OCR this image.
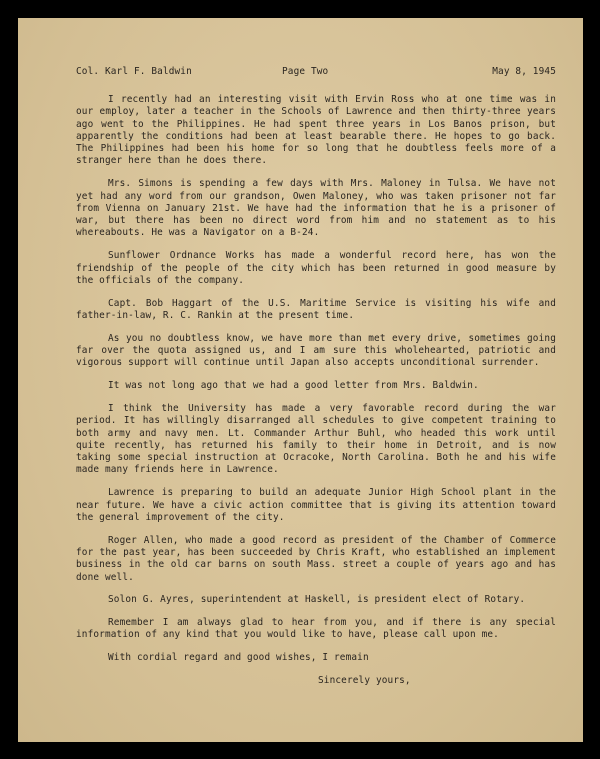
Col. Karl F. Baldwin	Page Two	May 8, 1945

I recently had an interesting visit with Ervin Ross who at one time was in our employ, later a teacher in the Schools of Lawrence and then thirty-three years ago went to the Philippines. He had spent three years in Los Banos prison, but apparently the conditions had been at least bearable there. He hopes to go back. The Philippines had been his home for so long that he doubtless feels more of a stranger here than he does there.

Mrs. Simons is spending a few days with Mrs. Maloney in Tulsa. We have not yet had any word from our grandson, Owen Maloney, who was taken prisoner not far from Vienna on January 21st. We have had the information that he is a prisoner of war, but there has been no direct word from him and no statement as to his whereabouts. He was a Navigator on a B-24.

Sunflower Ordnance Works has made a wonderful record here, has won the friendship of the people of the city which has been returned in good measure by the officials of the company.

Capt. Bob Haggart of the U.S. Maritime Service is visiting his wife and father-in-law, R. C. Rankin at the present time.

As you no doubtless know, we have more than met every drive, sometimes going far over the quota assigned us, and I am sure this wholehearted, patriotic and vigorous support will continue until Japan also accepts unconditional surrender.

It was not long ago that we had a good letter from Mrs. Baldwin.

I think the University has made a very favorable record during the war period. It has willingly disarranged all schedules to give competent training to both army and navy men. Lt. Commander Arthur Buhl, who headed this work until quite recently, has returned his family to their home in Detroit, and is now taking some special instruction at Ocracoke, North Carolina. Both he and his wife made many friends here in Lawrence.

Lawrence is preparing to build an adequate Junior High School plant in the near future. We have a civic action committee that is giving its attention toward the general improvement of the city.

Roger Allen, who made a good record as president of the Chamber of Commerce for the past year, has been succeeded by Chris Kraft, who established an implement business in the old car barns on south Mass. street a couple of years ago and has done well.

Solon G. Ayres, superintendent at Haskell, is president elect of Rotary.

Remember I am always glad to hear from you, and if there is any special information of any kind that you would like to have, please call upon me.

With cordial regard and good wishes, I remain

Sincerely yours,
